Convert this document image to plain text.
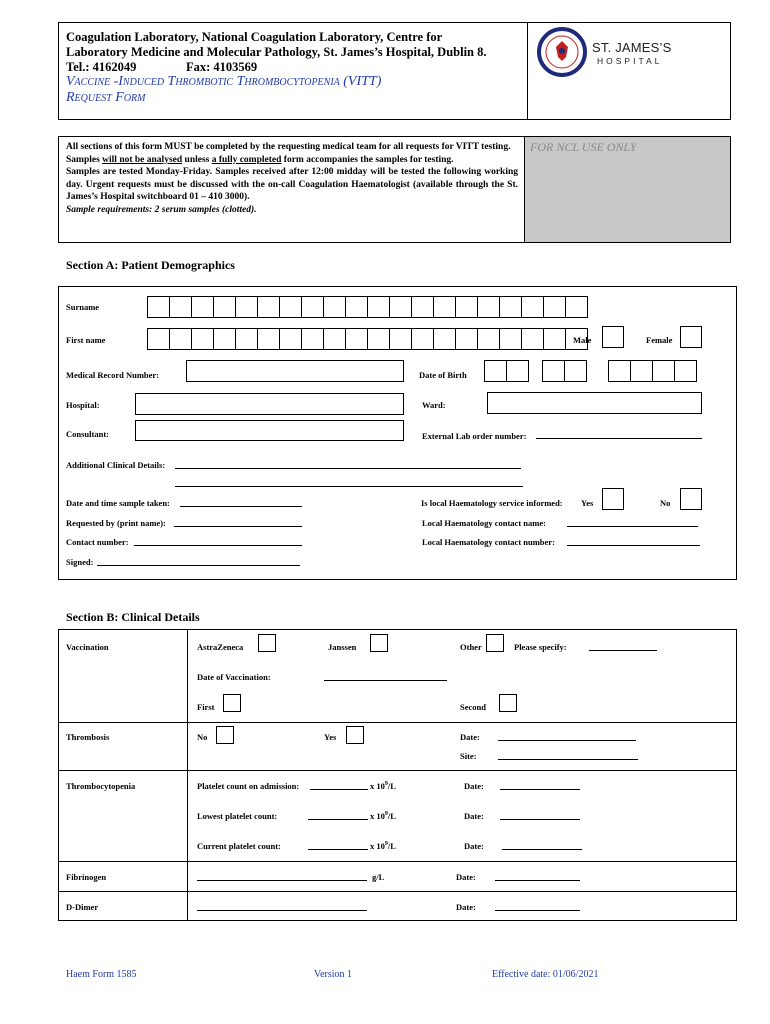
Coagulation Laboratory, National Coagulation Laboratory, Centre for
Laboratory Medicine and Molecular Pathology, St. James’s Hospital, Dublin 8.
Tel.: 4162049	Fax: 4103569
Vaccine -Induced Thrombotic Thrombocytopenia (VITT)
Request Form
ST. JAMES’S
HOSPITAL
FOR NCL USE ONLY
All sections of this form MUST be completed by the requesting medical team for all requests for VITT testing.
Samples will not be analysed unless a fully completed form accompanies the samples for testing.
Samples are tested Monday-Friday. Samples received after 12:00 midday will be tested the following working day. Urgent requests must be discussed with the on-call Coagulation Haematologist (available through the St. James’s Hospital switchboard 01 – 410 3000).
Sample requirements: 2 serum samples (clotted).
Section A: Patient Demographics
Surname
First name	Male	Female
Medical Record Number:	Date of Birth
Hospital:	Ward:
Consultant:	External Lab order number:
Additional Clinical Details:
Date and time sample taken:	Is local Haematology service informed: Yes	No
Requested by (print name):	Local Haematology contact name:
Contact number:	Local Haematology contact number:
Signed:
Section B: Clinical Details
Vaccination	AstraZeneca	Janssen	Other	Please specify:
Date of Vaccination:
First	Second
Thrombosis	No	Yes	Date:
Site:
Thrombocytopenia	Platelet count on admission:	x $10^9/L$	Date:
Lowest platelet count:	x $10^9/L$	Date:
Current platelet count:	x $10^9/L$	Date:
Fibrinogen	g/L	Date:
D-Dimer	Date:
Haem Form 1585	Version 1	Effective date: 01/06/2021
